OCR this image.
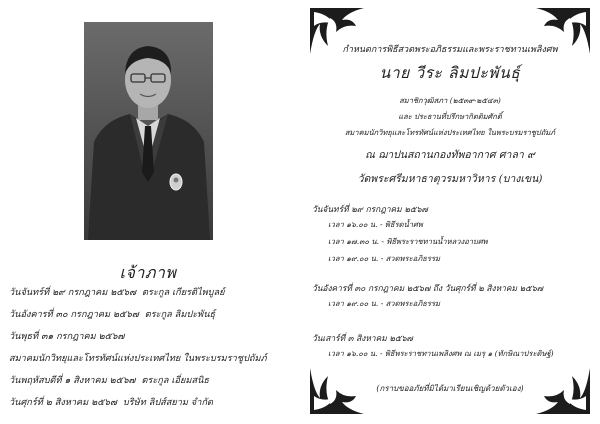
เจ้าภาพ
วันจันทร์ที่ ๒๙ กรกฎาคม ๒๕๖๗ ตระกูล เกียรติไพบูลย์
วันอังคารที่ ๓๐ กรกฎาคม ๒๕๖๗ ตระกูล ลิมปะพันธุ์
วันพุธที่ ๓๑ กรกฎาคม ๒๕๖๗
สมาคมนักวิทยุและโทรทัศน์แห่งประเทศไทย ในพระบรมราชูปถัมภ์
วันพฤหัสบดีที่ ๑ สิงหาคม ๒๕๖๗ ตระกูล เอี่ยมสนิธ
วันศุกร์ที่ ๒ สิงหาคม ๒๕๖๗ บริษัท ลิปส์สยาม จำกัด
กำหนดการพิธีสวดพระอภิธรรมและพระราชทานเพลิงศพ
นาย วีระ ลิมปะพันธุ์
สมาชิกวุฒิสภา (๒๕๓๙-๒๕๔๓)
และ ประธานที่ปรึกษากิตติมศักดิ์
สมาคมนักวิทยุและโทรทัศน์แห่งประเทศไทย ในพระบรมราชูปถัมภ์
ณ ฌาปนสถานกองทัพอากาศ ศาลา ๙
วัดพระศรีมหาธาตุวรมหาวิหาร (บางเขน)
วันจันทร์ที่ ๒๙ กรกฎาคม ๒๕๖๗
เวลา ๑๖.๐๐ น. - พิธีรดน้ำศพ
เวลา ๑๗.๓๐ น. - พิธีพระราชทานน้ำหลวงอาบศพ
เวลา ๑๙.๐๐ น. - สวดพระอภิธรรม
วันอังคารที่ ๓๐ กรกฎาคม ๒๕๖๗ ถึง วันศุกร์ที่ ๒ สิงหาคม ๒๕๖๗
เวลา ๑๙.๐๐ น. - สวดพระอภิธรรม
วันเสาร์ที่ ๓ สิงหาคม ๒๕๖๗
เวลา ๑๖.๐๐ น. - พิธีพระราชทานเพลิงศพ ณ เมรุ ๑ (ทักษิณาประดิษฐ์)
(กราบขออภัยที่มิได้มาเรียนเชิญด้วยตัวเอง)
